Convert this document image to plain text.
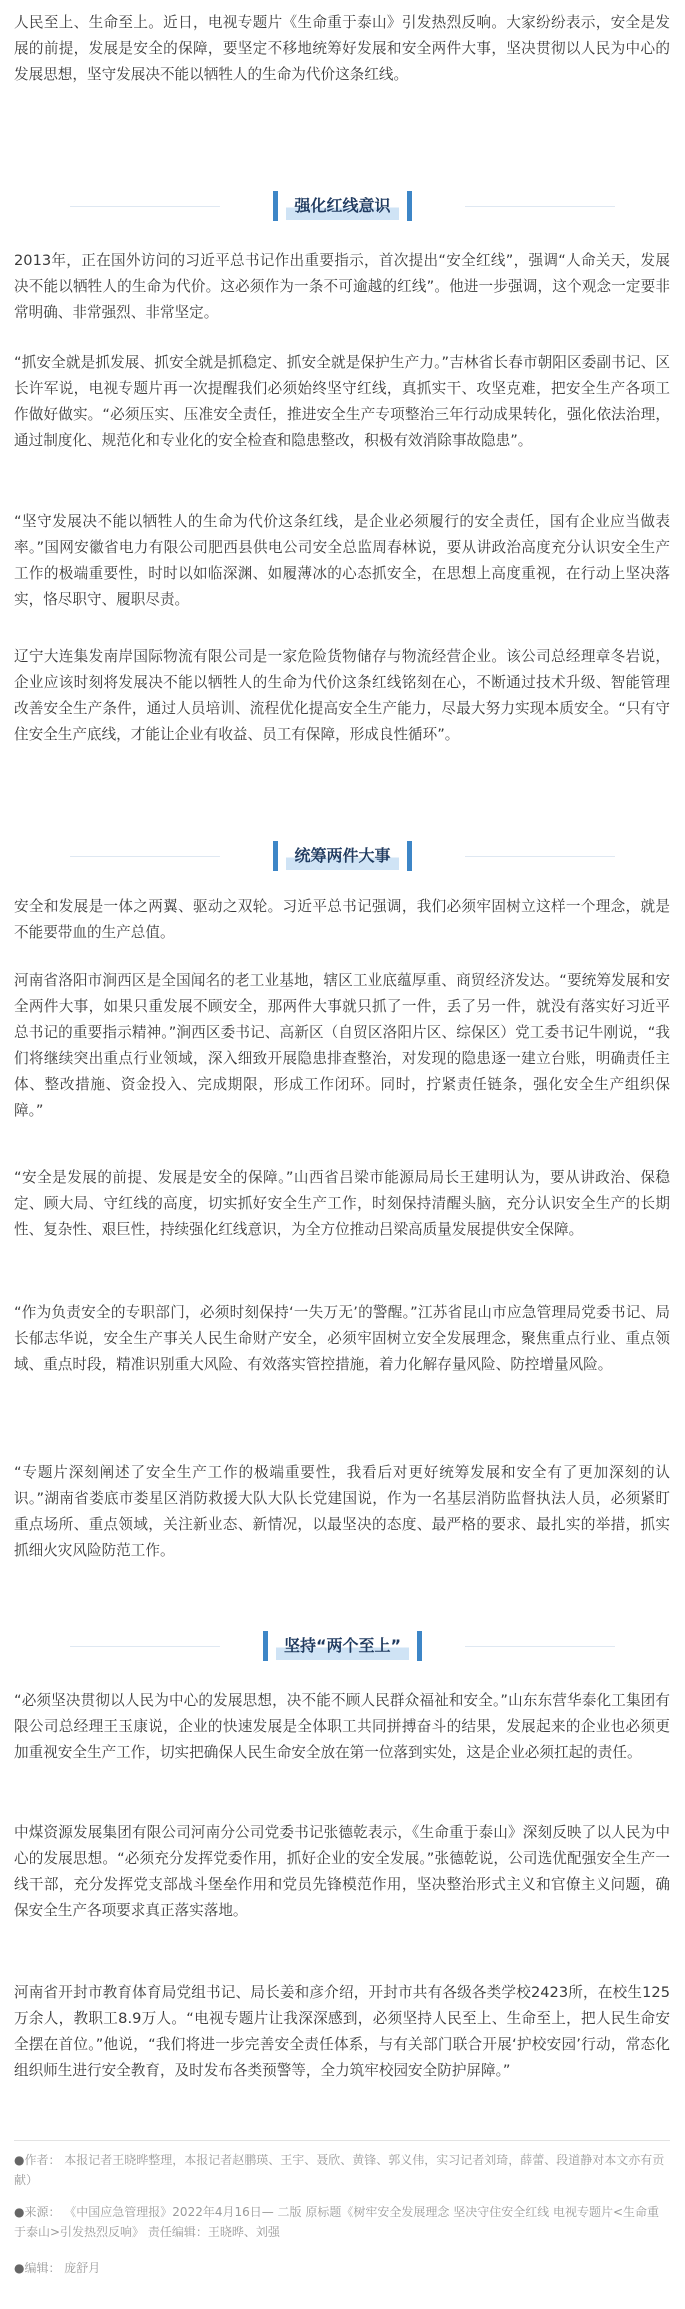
人民至上、生命至上。近日，电视专题片《生命重于泰山》引发热烈反响。大家纷纷表示，安全是发展的前提，发展是安全的保障，要坚定不移地统筹好发展和安全两件大事，坚决贯彻以人民为中心的发展思想，坚守发展决不能以牺牲人的生命为代价这条红线。

强化红线意识

2013年，正在国外访问的习近平总书记作出重要指示，首次提出“安全红线”，强调“人命关天，发展决不能以牺牲人的生命为代价。这必须作为一条不可逾越的红线”。他进一步强调，这个观念一定要非常明确、非常强烈、非常坚定。

“抓安全就是抓发展、抓安全就是抓稳定、抓安全就是保护生产力。”吉林省长春市朝阳区委副书记、区长许军说，电视专题片再一次提醒我们必须始终坚守红线，真抓实干、攻坚克难，把安全生产各项工作做好做实。“必须压实、压准安全责任，推进安全生产专项整治三年行动成果转化，强化依法治理，通过制度化、规范化和专业化的安全检查和隐患整改，积极有效消除事故隐患”。

“坚守发展决不能以牺牲人的生命为代价这条红线，是企业必须履行的安全责任，国有企业应当做表率。”国网安徽省电力有限公司肥西县供电公司安全总监周春林说，要从讲政治高度充分认识安全生产工作的极端重要性，时时以如临深渊、如履薄冰的心态抓安全，在思想上高度重视，在行动上坚决落实，恪尽职守、履职尽责。

辽宁大连集发南岸国际物流有限公司是一家危险货物储存与物流经营企业。该公司总经理章冬岩说，企业应该时刻将发展决不能以牺牲人的生命为代价这条红线铭刻在心，不断通过技术升级、智能管理改善安全生产条件，通过人员培训、流程优化提高安全生产能力，尽最大努力实现本质安全。“只有守住安全生产底线，才能让企业有收益、员工有保障，形成良性循环”。

统筹两件大事

安全和发展是一体之两翼、驱动之双轮。习近平总书记强调，我们必须牢固树立这样一个理念，就是不能要带血的生产总值。

河南省洛阳市涧西区是全国闻名的老工业基地，辖区工业底蕴厚重、商贸经济发达。“要统筹发展和安全两件大事，如果只重发展不顾安全，那两件大事就只抓了一件，丢了另一件，就没有落实好习近平总书记的重要指示精神。”涧西区委书记、高新区（自贸区洛阳片区、综保区）党工委书记牛刚说，“我们将继续突出重点行业领域，深入细致开展隐患排查整治，对发现的隐患逐一建立台账，明确责任主体、整改措施、资金投入、完成期限，形成工作闭环。同时，拧紧责任链条，强化安全生产组织保障。”

“安全是发展的前提、发展是安全的保障。”山西省吕梁市能源局局长王建明认为，要从讲政治、保稳定、顾大局、守红线的高度，切实抓好安全生产工作，时刻保持清醒头脑，充分认识安全生产的长期性、复杂性、艰巨性，持续强化红线意识，为全方位推动吕梁高质量发展提供安全保障。

“作为负责安全的专职部门，必须时刻保持‘一失万无’的警醒。”江苏省昆山市应急管理局党委书记、局长郁志华说，安全生产事关人民生命财产安全，必须牢固树立安全发展理念，聚焦重点行业、重点领域、重点时段，精准识别重大风险、有效落实管控措施，着力化解存量风险、防控增量风险。

“专题片深刻阐述了安全生产工作的极端重要性，我看后对更好统筹发展和安全有了更加深刻的认识。”湖南省娄底市娄星区消防救援大队大队长党建国说，作为一名基层消防监督执法人员，必须紧盯重点场所、重点领域，关注新业态、新情况，以最坚决的态度、最严格的要求、最扎实的举措，抓实抓细火灾风险防范工作。

坚持“两个至上”

“必须坚决贯彻以人民为中心的发展思想，决不能不顾人民群众福祉和安全。”山东东营华泰化工集团有限公司总经理王玉康说，企业的快速发展是全体职工共同拼搏奋斗的结果，发展起来的企业也必须更加重视安全生产工作，切实把确保人民生命安全放在第一位落到实处，这是企业必须扛起的责任。

中煤资源发展集团有限公司河南分公司党委书记张德乾表示，《生命重于泰山》深刻反映了以人民为中心的发展思想。“必须充分发挥党委作用，抓好企业的安全发展。”张德乾说，公司选优配强安全生产一线干部，充分发挥党支部战斗堡垒作用和党员先锋模范作用，坚决整治形式主义和官僚主义问题，确保安全生产各项要求真正落实落地。

河南省开封市教育体育局党组书记、局长姜和彦介绍，开封市共有各级各类学校2423所，在校生125万余人，教职工8.9万人。“电视专题片让我深深感到，必须坚持人民至上、生命至上，把人民生命安全摆在首位。”他说，“我们将进一步完善安全责任体系，与有关部门联合开展‘护校安园’行动，常态化组织师生进行安全教育，及时发布各类预警等，全力筑牢校园安全防护屏障。”

●作者： 本报记者王晓晔整理，本报记者赵鹏瑛、王宇、聂欣、黄锋、郭义伟，实习记者刘琦，薛蕾、段道静对本文亦有贡献）

●来源： 《中国应急管理报》2022年4月16日— 二版 原标题《树牢安全发展理念 坚决守住安全红线 电视专题片<生命重于泰山>引发热烈反响》 责任编辑：王晓晔、刘强

●编辑： 庞舒月
